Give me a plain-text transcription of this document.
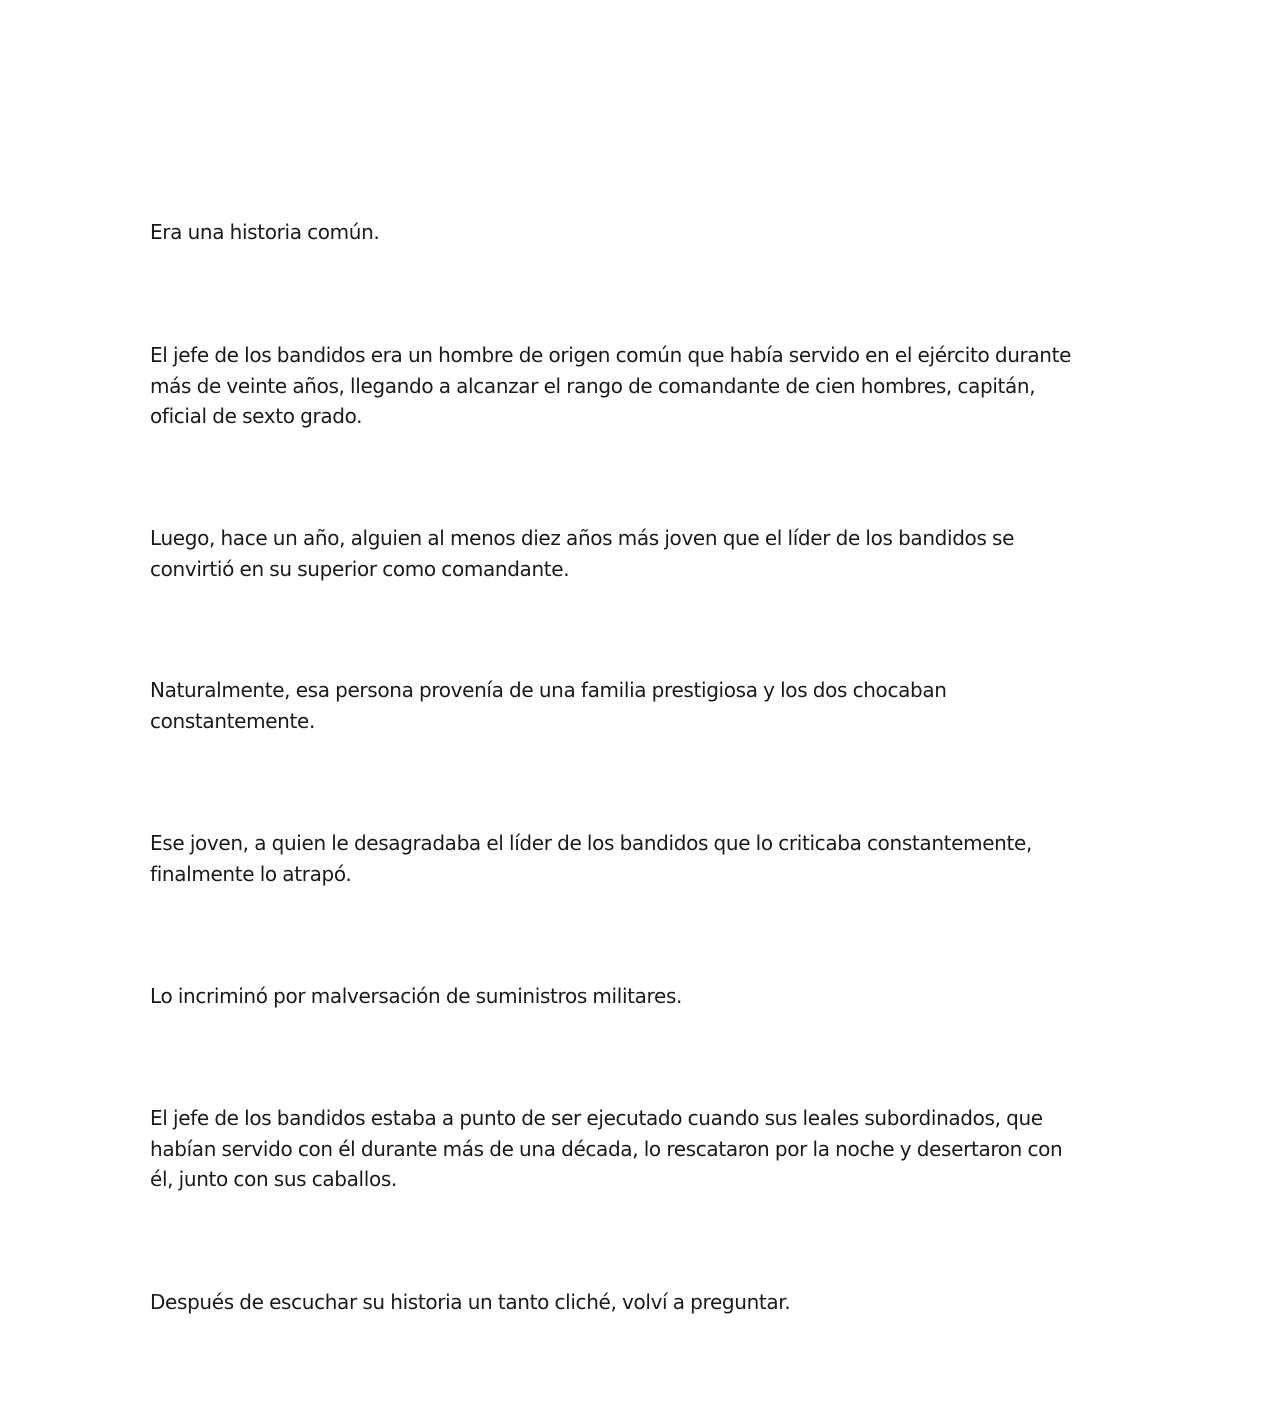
Era una historia común.

El jefe de los bandidos era un hombre de origen común que había servido en el ejército durante
más de veinte años, llegando a alcanzar el rango de comandante de cien hombres, capitán,
oficial de sexto grado.

Luego, hace un año, alguien al menos diez años más joven que el líder de los bandidos se
convirtió en su superior como comandante.

Naturalmente, esa persona provenía de una familia prestigiosa y los dos chocaban
constantemente.

Ese joven, a quien le desagradaba el líder de los bandidos que lo criticaba constantemente,
finalmente lo atrapó.

Lo incriminó por malversación de suministros militares.

El jefe de los bandidos estaba a punto de ser ejecutado cuando sus leales subordinados, que
habían servido con él durante más de una década, lo rescataron por la noche y desertaron con
él, junto con sus caballos.

Después de escuchar su historia un tanto cliché, volví a preguntar.
